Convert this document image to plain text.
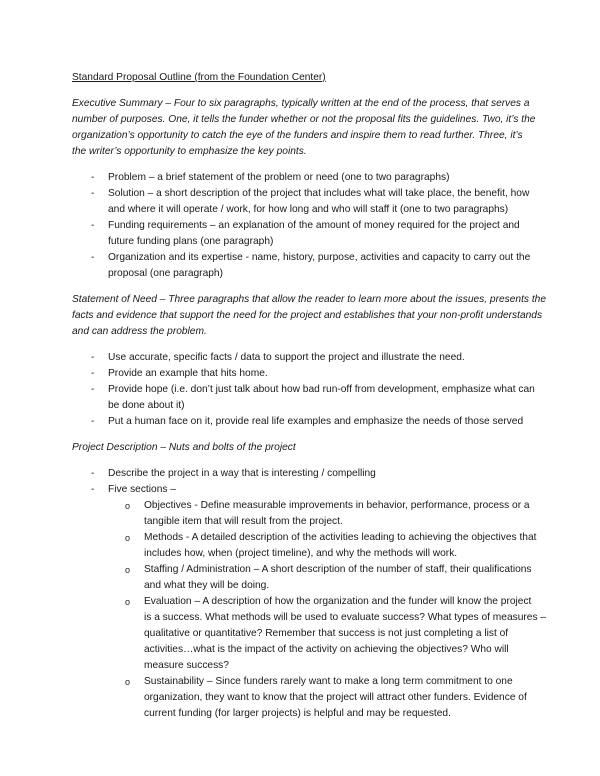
Standard Proposal Outline (from the Foundation Center)
Executive Summary – Four to six paragraphs, typically written at the end of the process, that serves a
number of purposes. One, it tells the funder whether or not the proposal fits the guidelines. Two, it’s the
organization’s opportunity to catch the eye of the funders and inspire them to read further. Three, it’s
the writer’s opportunity to emphasize the key points.
- Problem – a brief statement of the problem or need (one to two paragraphs)
- Solution – a short description of the project that includes what will take place, the benefit, how
and where it will operate / work, for how long and who will staff it (one to two paragraphs)
- Funding requirements – an explanation of the amount of money required for the project and
future funding plans (one paragraph)
- Organization and its expertise - name, history, purpose, activities and capacity to carry out the
proposal (one paragraph)
Statement of Need – Three paragraphs that allow the reader to learn more about the issues, presents the
facts and evidence that support the need for the project and establishes that your non-profit understands
and can address the problem.
- Use accurate, specific facts / data to support the project and illustrate the need.
- Provide an example that hits home.
- Provide hope (i.e. don’t just talk about how bad run-off from development, emphasize what can
be done about it)
- Put a human face on it, provide real life examples and emphasize the needs of those served
Project Description – Nuts and bolts of the project
- Describe the project in a way that is interesting / compelling
- Five sections –
o Objectives - Define measurable improvements in behavior, performance, process or a
tangible item that will result from the project.
o Methods - A detailed description of the activities leading to achieving the objectives that
includes how, when (project timeline), and why the methods will work.
o Staffing / Administration – A short description of the number of staff, their qualifications
and what they will be doing.
o Evaluation – A description of how the organization and the funder will know the project
is a success. What methods will be used to evaluate success? What types of measures –
qualitative or quantitative? Remember that success is not just completing a list of
activities…what is the impact of the activity on achieving the objectives? Who will
measure success?
o Sustainability – Since funders rarely want to make a long term commitment to one
organization, they want to know that the project will attract other funders. Evidence of
current funding (for larger projects) is helpful and may be requested.
